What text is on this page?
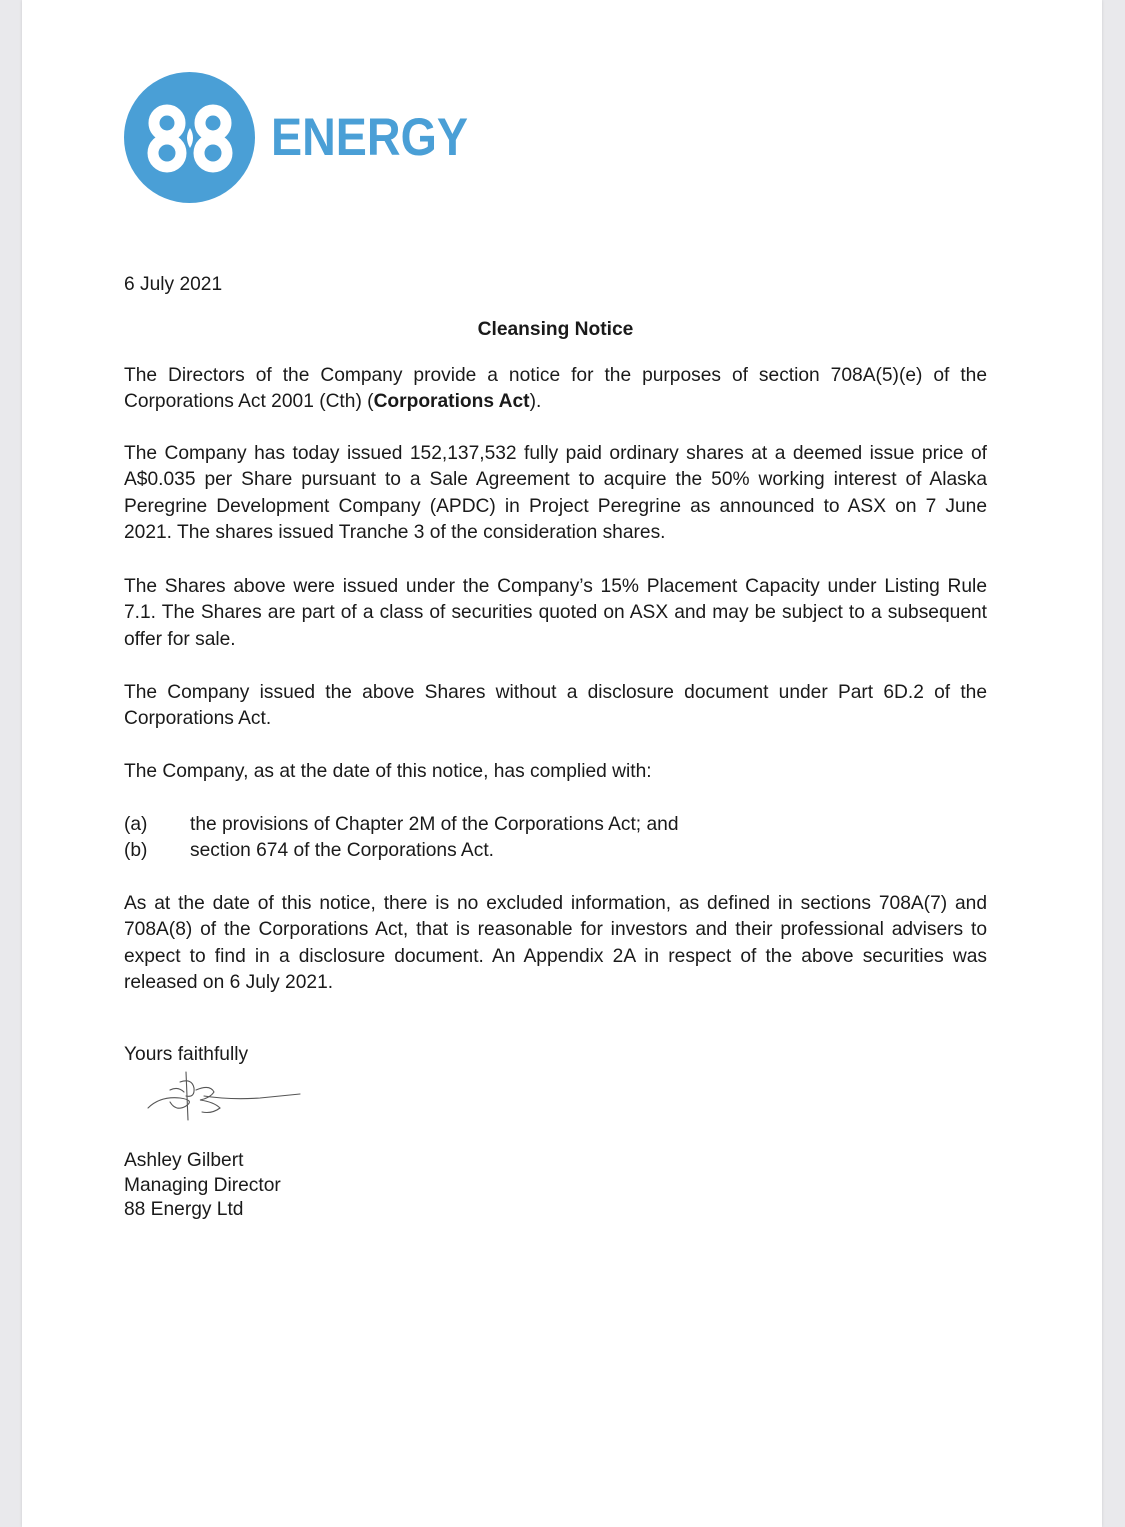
ENERGY
6 July 2021
Cleansing Notice
The Directors of the Company provide a notice for the purposes of section 708A(5)(e) of the Corporations Act 2001 (Cth) (Corporations Act).
The Company has today issued 152,137,532 fully paid ordinary shares at a deemed issue price of A$0.035 per Share pursuant to a Sale Agreement to acquire the 50% working interest of Alaska Peregrine Development Company (APDC) in Project Peregrine as announced to ASX on 7 June 2021. The shares issued Tranche 3 of the consideration shares.
The Shares above were issued under the Company’s 15% Placement Capacity under Listing Rule 7.1. The Shares are part of a class of securities quoted on ASX and may be subject to a subsequent offer for sale.
The Company issued the above Shares without a disclosure document under Part 6D.2 of the Corporations Act.
The Company, as at the date of this notice, has complied with:
(a)	the provisions of Chapter 2M of the Corporations Act; and
(b)	section 674 of the Corporations Act.
As at the date of this notice, there is no excluded information, as defined in sections 708A(7) and 708A(8) of the Corporations Act, that is reasonable for investors and their professional advisers to expect to find in a disclosure document. An Appendix 2A in respect of the above securities was released on 6 July 2021.
Yours faithfully
Ashley Gilbert
Managing Director
88 Energy Ltd
